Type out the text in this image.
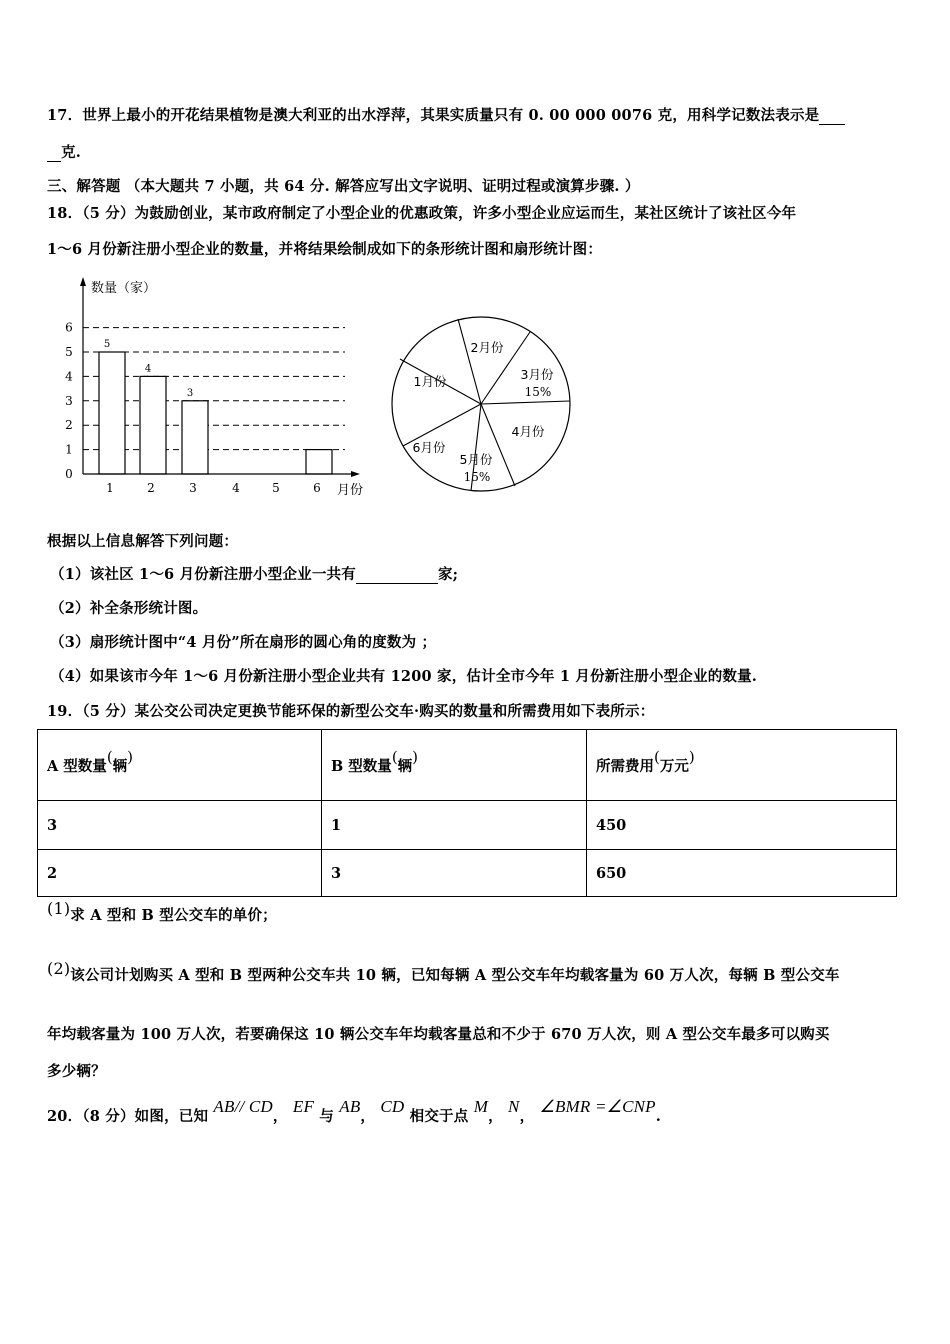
17．世界上最小的开花结果植物是澳大利亚的出水浮萍，其果实质量只有 0. 00 000 0076 克，用科学记数法表示是
克.
三、解答题 （本大题共 7 小题，共 64 分. 解答应写出文字说明、证明过程或演算步骤. ）
18．（5 分）为鼓励创业，某市政府制定了小型企业的优惠政策，许多小型企业应运而生，某社区统计了该社区今年
1～6 月份新注册小型企业的数量，并将结果绘制成如下的条形统计图和扇形统计图：
0
1
2
3
4
5
6
1	2	3	4	5	6
5
4
3
数量（家）
月份
1月份
2月份
3月份
15%
4月份
5月份
15%
6月份
根据以上信息解答下列问题：
（1）该社区 1～6 月份新注册小型企业一共有	家;
（2）补全条形统计图。
（3）扇形统计图中“4 月份”所在扇形的圆心角的度数为 ；
（4）如果该市今年 1～6 月份新注册小型企业共有 1200 家，估计全市今年 1 月份新注册小型企业的数量.
19．（5 分）某公交公司决定更换节能环保的新型公交车·购买的数量和所需费用如下表所示：
A 型数量(辆)	B 型数量(辆)	所需费用(万元)
3	1	450
2	3	650
(1)求 A 型和 B 型公交车的单价；
(2)该公司计划购买 A 型和 B 型两种公交车共 10 辆，已知每辆 A 型公交车年均载客量为 60 万人次，每辆 B 型公交车
年均载客量为 100 万人次，若要确保这 10 辆公交车年均载客量总和不少于 670 万人次，则 A 型公交车最多可以购买
多少辆？
20．（8 分）如图，已知 AB// CD， EF 与 AB， CD 相交于点 M， N， ∠BMR =∠CNP.
